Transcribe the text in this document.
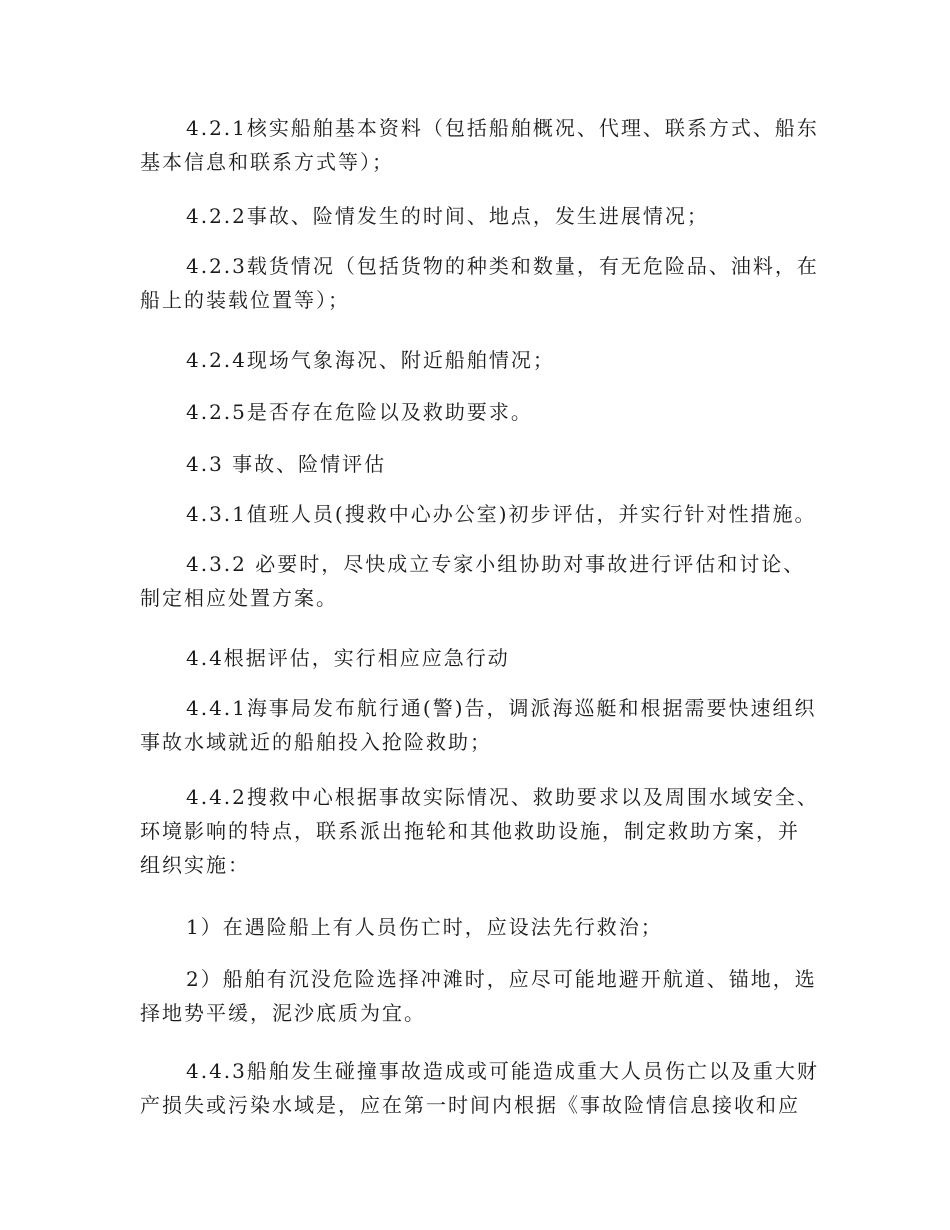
4.2.1核实船舶基本资料（包括船舶概况、代理、联系方式、船东基本信息和联系方式等）；

4.2.2事故、险情发生的时间、地点，发生进展情况；

4.2.3载货情况（包括货物的种类和数量，有无危险品、油料，在船上的装载位置等）；

4.2.4现场气象海况、附近船舶情况；

4.2.5是否存在危险以及救助要求。

4.3 事故、险情评估

4.3.1值班人员(搜救中心办公室)初步评估，并实行针对性措施。

4.3.2 必要时，尽快成立专家小组协助对事故进行评估和讨论、制定相应处置方案。

4.4根据评估，实行相应应急行动

4.4.1海事局发布航行通(警)告，调派海巡艇和根据需要快速组织事故水域就近的船舶投入抢险救助；

4.4.2搜救中心根据事故实际情况、救助要求以及周围水域安全、环境影响的特点，联系派出拖轮和其他救助设施，制定救助方案，并组织实施：

1）在遇险船上有人员伤亡时，应设法先行救治；

2）船舶有沉没危险选择冲滩时，应尽可能地避开航道、锚地，选择地势平缓，泥沙底质为宜。

4.4.3船舶发生碰撞事故造成或可能造成重大人员伤亡以及重大财产损失或污染水域是，应在第一时间内根据《事故险情信息接收和应
